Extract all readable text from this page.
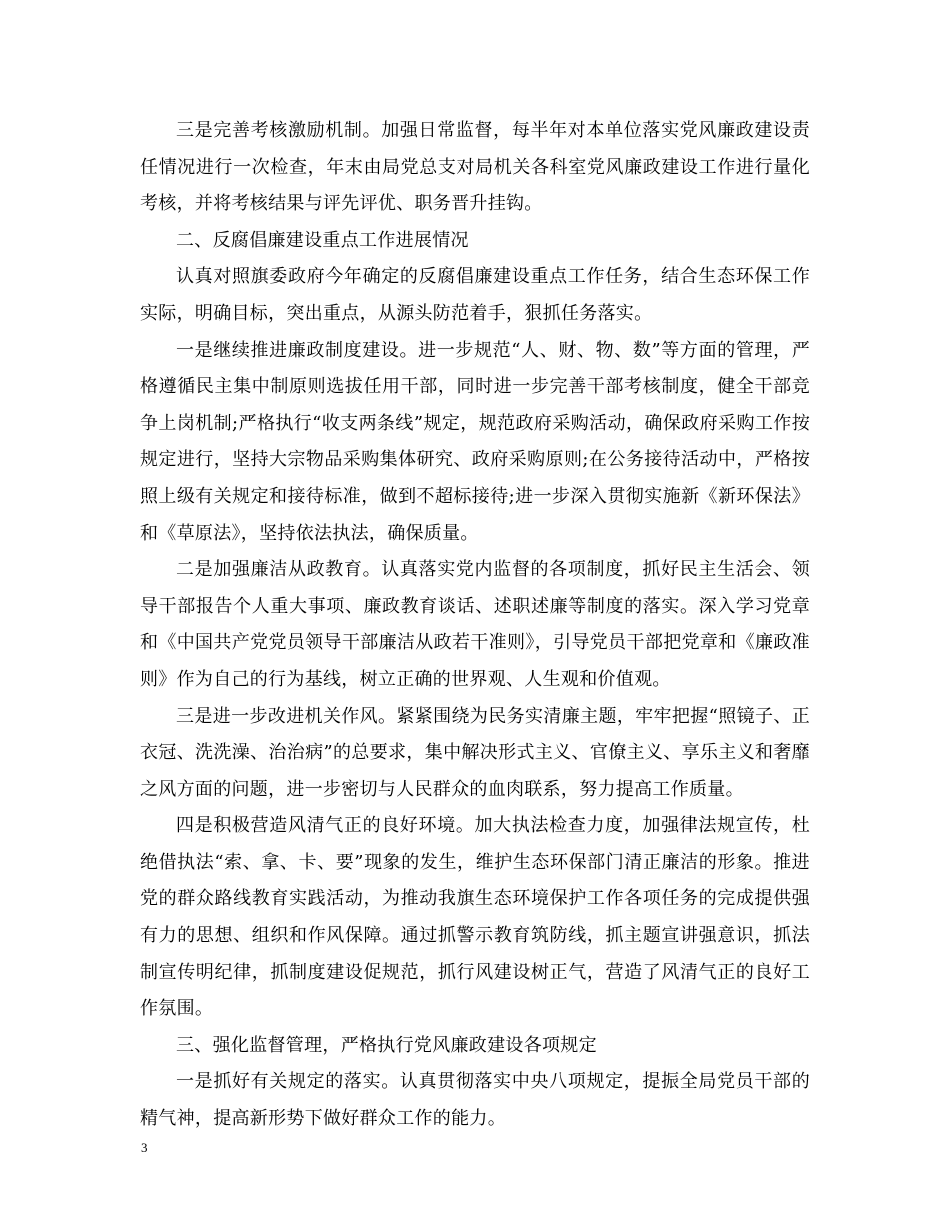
三是完善考核激励机制。加强日常监督，每半年对本单位落实党风廉政建设责任情况进行一次检查，年末由局党总支对局机关各科室党风廉政建设工作进行量化考核，并将考核结果与评先评优、职务晋升挂钩。

二、反腐倡廉建设重点工作进展情况

认真对照旗委政府今年确定的反腐倡廉建设重点工作任务，结合生态环保工作实际，明确目标，突出重点，从源头防范着手，狠抓任务落实。

一是继续推进廉政制度建设。进一步规范“人、财、物、数”等方面的管理，严格遵循民主集中制原则选拔任用干部，同时进一步完善干部考核制度，健全干部竞争上岗机制;严格执行“收支两条线”规定，规范政府采购活动，确保政府采购工作按规定进行，坚持大宗物品采购集体研究、政府采购原则;在公务接待活动中，严格按照上级有关规定和接待标准，做到不超标接待;进一步深入贯彻实施新《新环保法》和《草原法》，坚持依法执法，确保质量。

二是加强廉洁从政教育。认真落实党内监督的各项制度，抓好民主生活会、领导干部报告个人重大事项、廉政教育谈话、述职述廉等制度的落实。深入学习党章和《中国共产党党员领导干部廉洁从政若干准则》，引导党员干部把党章和《廉政准则》作为自己的行为基线，树立正确的世界观、人生观和价值观。

三是进一步改进机关作风。紧紧围绕为民务实清廉主题，牢牢把握“照镜子、正衣冠、洗洗澡、治治病”的总要求，集中解决形式主义、官僚主义、享乐主义和奢靡之风方面的问题，进一步密切与人民群众的血肉联系，努力提高工作质量。

四是积极营造风清气正的良好环境。加大执法检查力度，加强律法规宣传，杜绝借执法“索、拿、卡、要”现象的发生，维护生态环保部门清正廉洁的形象。推进党的群众路线教育实践活动，为推动我旗生态环境保护工作各项任务的完成提供强有力的思想、组织和作风保障。通过抓警示教育筑防线，抓主题宣讲强意识，抓法制宣传明纪律，抓制度建设促规范，抓行风建设树正气，营造了风清气正的良好工作氛围。

三、强化监督管理，严格执行党风廉政建设各项规定

一是抓好有关规定的落实。认真贯彻落实中央八项规定，提振全局党员干部的精气神，提高新形势下做好群众工作的能力。

3
